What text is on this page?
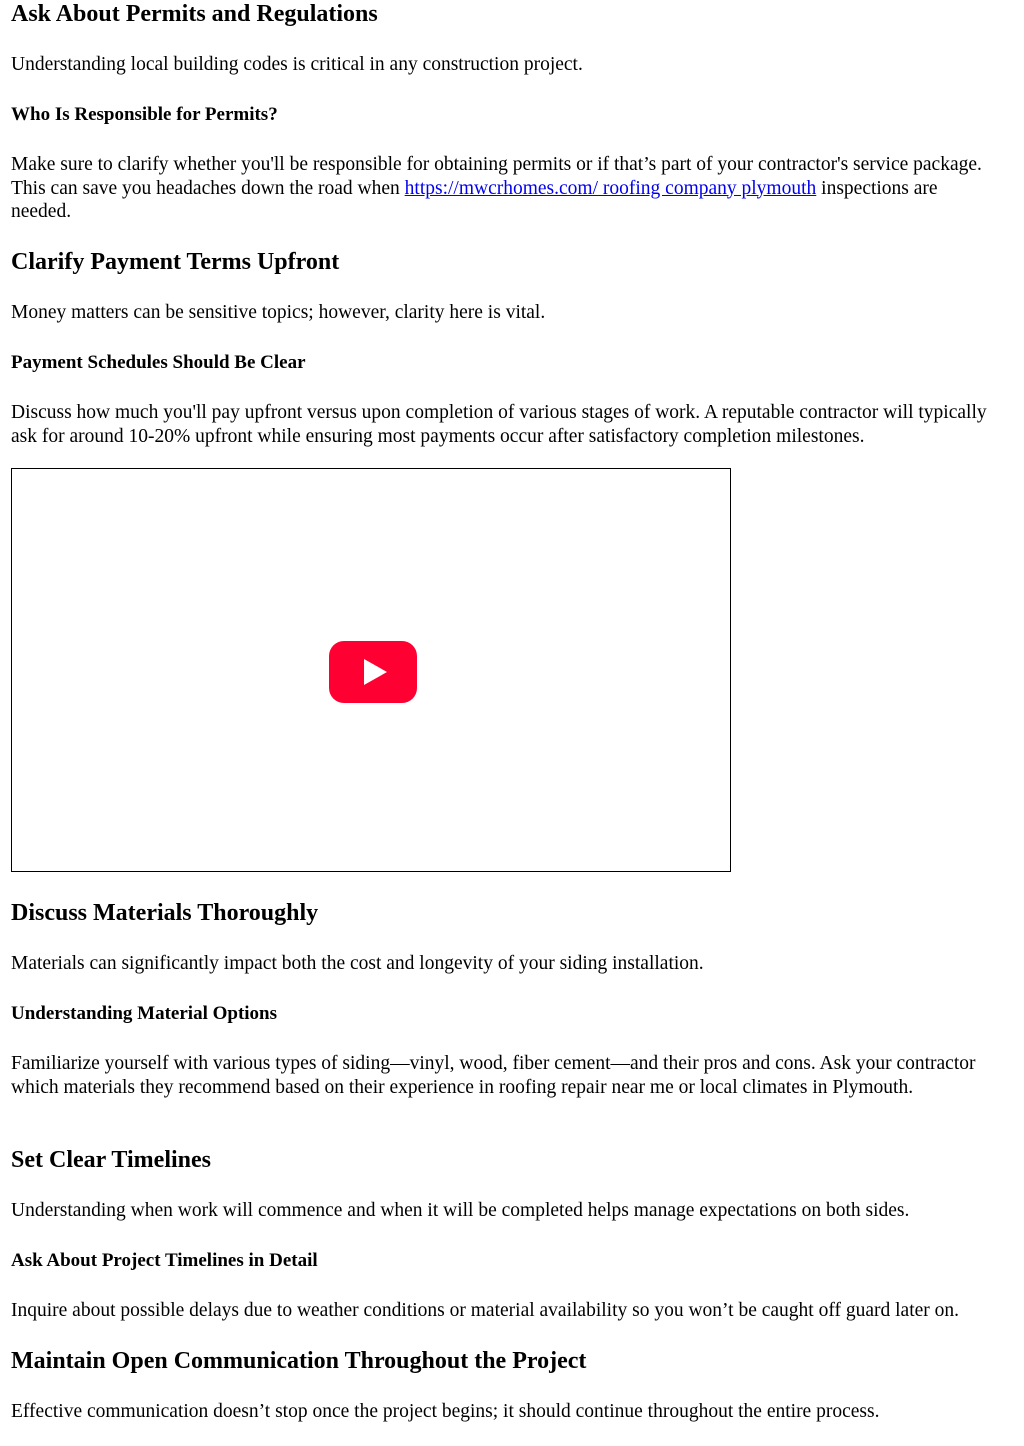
Ask About Permits and Regulations

Understanding local building codes is critical in any construction project.

Who Is Responsible for Permits?

Make sure to clarify whether you'll be responsible for obtaining permits or if that’s part of your contractor's service package. This can save you headaches down the road when https://mwcrhomes.com/ roofing company plymouth inspections are needed.

Clarify Payment Terms Upfront

Money matters can be sensitive topics; however, clarity here is vital.

Payment Schedules Should Be Clear

Discuss how much you'll pay upfront versus upon completion of various stages of work. A reputable contractor will typically ask for around 10-20% upfront while ensuring most payments occur after satisfactory completion milestones.

Discuss Materials Thoroughly

Materials can significantly impact both the cost and longevity of your siding installation.

Understanding Material Options

Familiarize yourself with various types of siding—vinyl, wood, fiber cement—and their pros and cons. Ask your contractor which materials they recommend based on their experience in roofing repair near me or local climates in Plymouth.

Set Clear Timelines

Understanding when work will commence and when it will be completed helps manage expectations on both sides.

Ask About Project Timelines in Detail

Inquire about possible delays due to weather conditions or material availability so you won’t be caught off guard later on.

Maintain Open Communication Throughout the Project

Effective communication doesn’t stop once the project begins; it should continue throughout the entire process.
